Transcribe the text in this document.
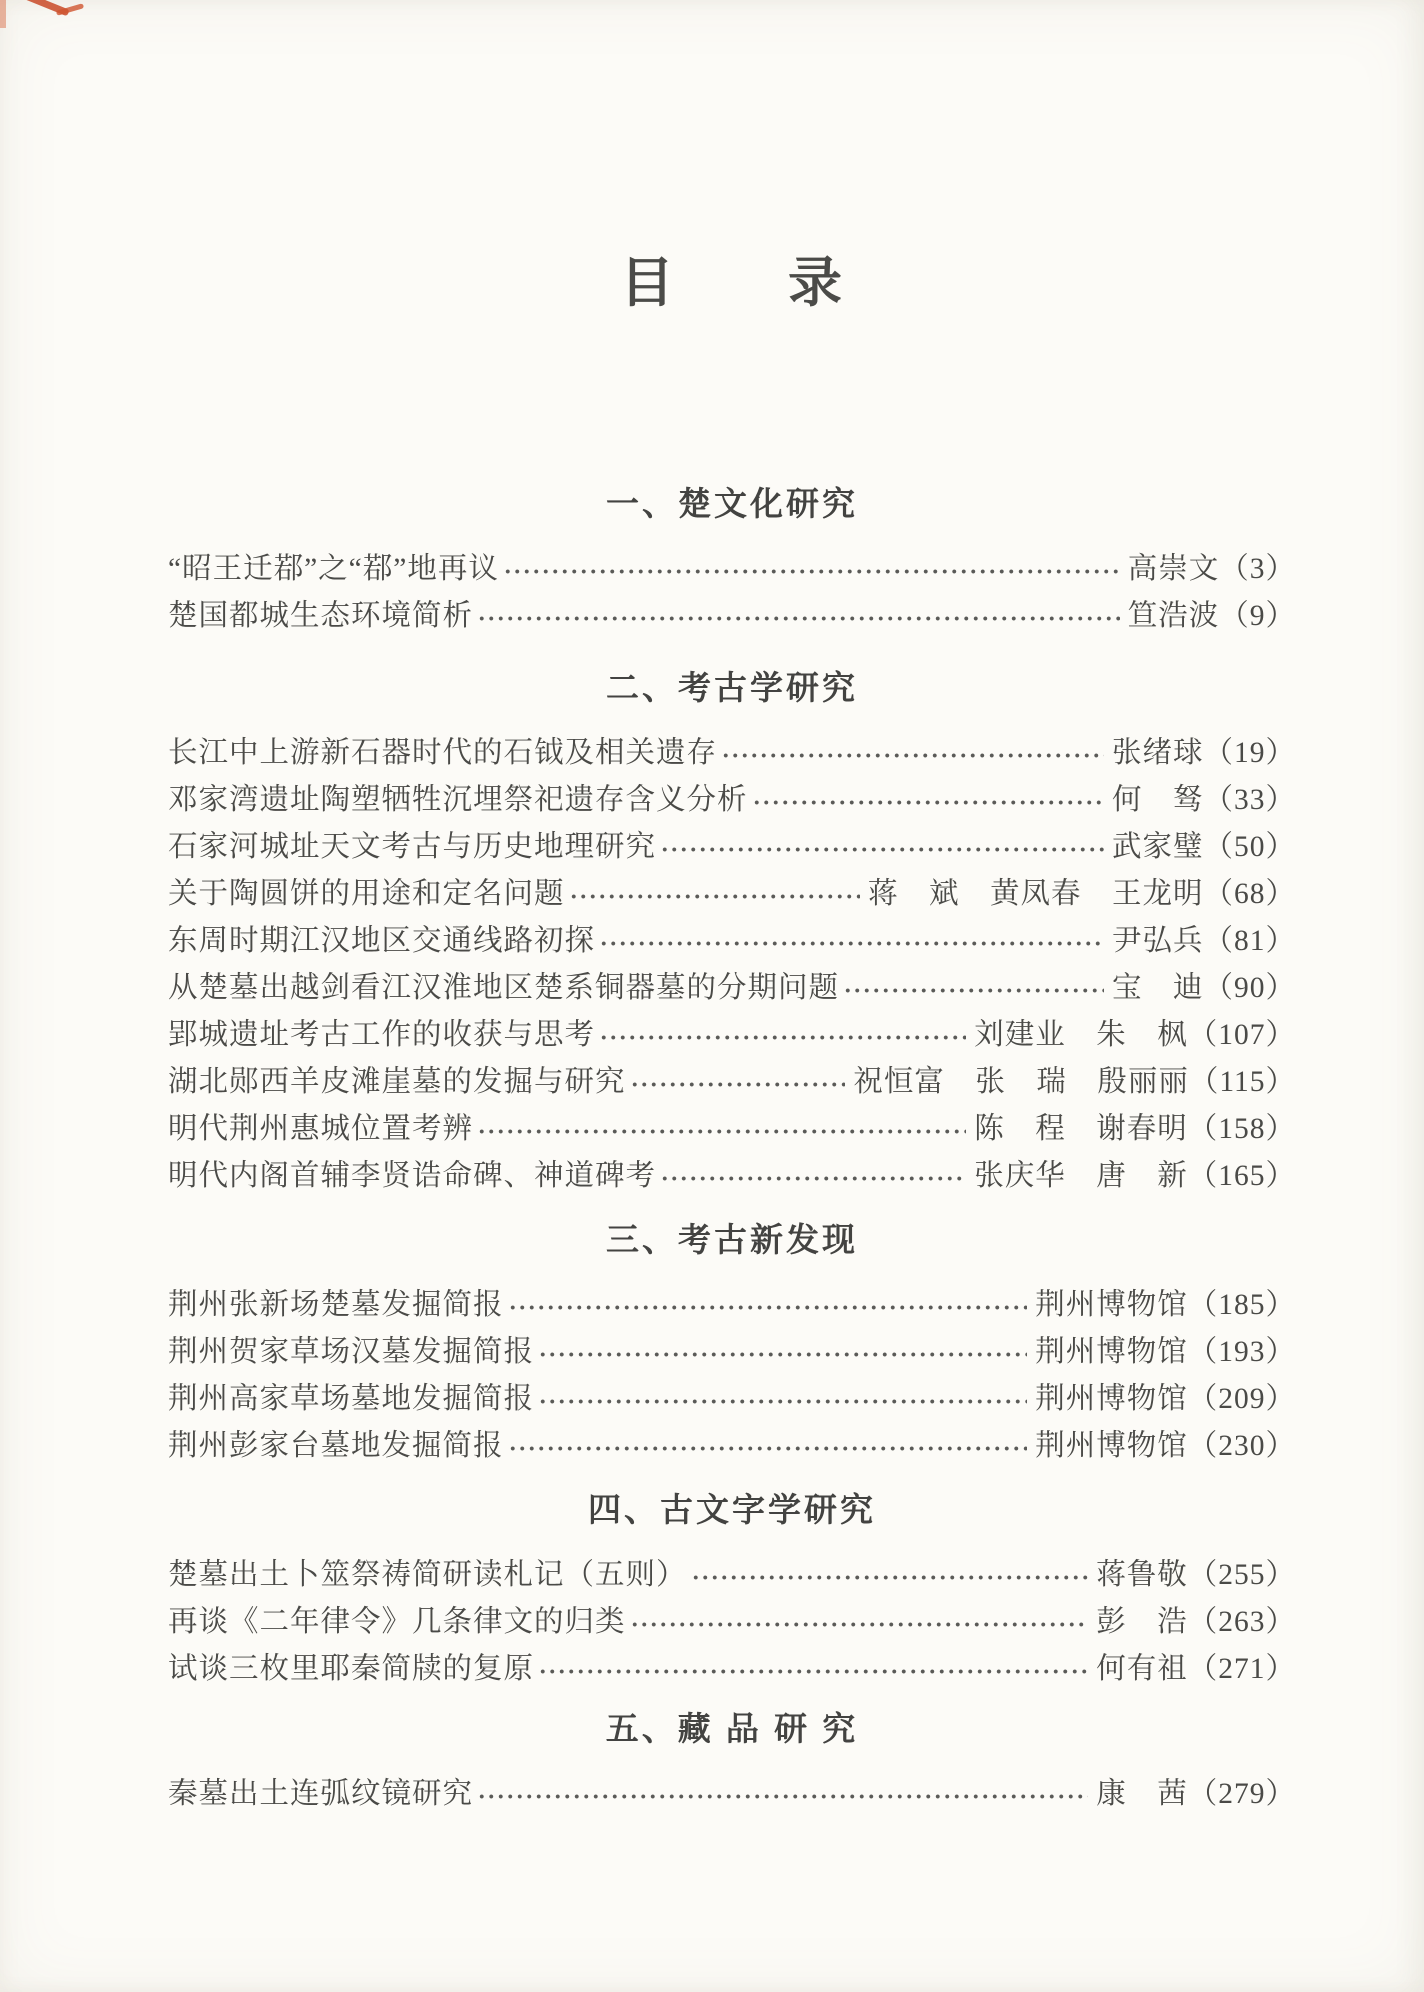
目　　录
一、楚文化研究
“昭王迁鄀”之“鄀”地再议	高崇文 （3）
楚国都城生态环境简析	笪浩波 （9）
二、考古学研究
长江中上游新石器时代的石钺及相关遗存	张绪球 （19）
邓家湾遗址陶塑牺牲沉埋祭祀遗存含义分析	何　驽 （33）
石家河城址天文考古与历史地理研究	武家璧 （50）
关于陶圆饼的用途和定名问题	蒋　斌　黄凤春　王龙明 （68）
东周时期江汉地区交通线路初探	尹弘兵 （81）
从楚墓出越剑看江汉淮地区楚系铜器墓的分期问题	宝　迪 （90）
郢城遗址考古工作的收获与思考	刘建业　朱　枫 （107）
湖北郧西羊皮滩崖墓的发掘与研究	祝恒富　张　瑞　殷丽丽 （115）
明代荆州惠城位置考辨	陈　程　谢春明 （158）
明代内阁首辅李贤诰命碑、神道碑考	张庆华　唐　新 （165）
三、考古新发现
荆州张新场楚墓发掘简报	荆州博物馆 （185）
荆州贺家草场汉墓发掘简报	荆州博物馆 （193）
荆州高家草场墓地发掘简报	荆州博物馆 （209）
荆州彭家台墓地发掘简报	荆州博物馆 （230）
四、古文字学研究
楚墓出土卜筮祭祷简研读札记（五则）	蒋鲁敬 （255）
再谈《二年律令》几条律文的归类	彭　浩 （263）
试谈三枚里耶秦简牍的复原	何有祖 （271）
五、藏 品 研 究
秦墓出土连弧纹镜研究	康　茜 （279）
